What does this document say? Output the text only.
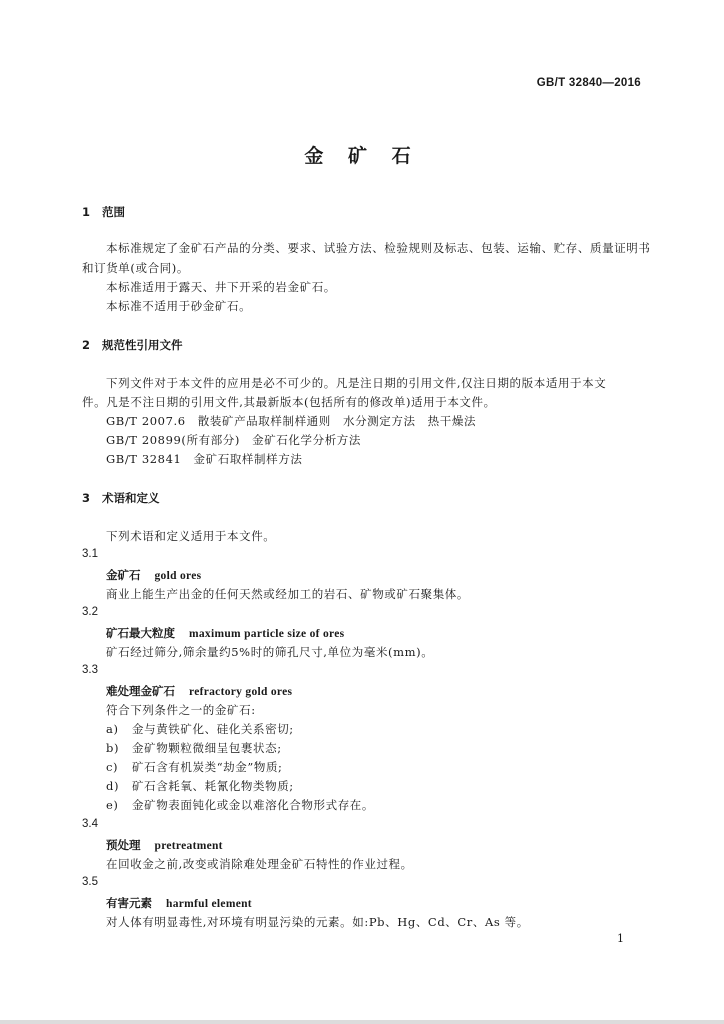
GB/T 32840—2016
金 矿 石
1 范围
本标准规定了金矿石产品的分类、要求、试验方法、检验规则及标志、包装、运输、贮存、质量证明书
和订货单(或合同)。
本标准适用于露天、井下开采的岩金矿石。
本标准不适用于砂金矿石。
2 规范性引用文件
下列文件对于本文件的应用是必不可少的。凡是注日期的引用文件,仅注日期的版本适用于本文
件。凡是不注日期的引用文件,其最新版本(包括所有的修改单)适用于本文件。
GB/T 2007.6　散装矿产品取样制样通则　水分测定方法　热干燥法
GB/T 20899(所有部分)　金矿石化学分析方法
GB/T 32841　金矿石取样制样方法
3 术语和定义
下列术语和定义适用于本文件。
3.1
金矿石 gold ores
商业上能生产出金的任何天然或经加工的岩石、矿物或矿石聚集体。
3.2
矿石最大粒度 maximum particle size of ores
矿石经过筛分,筛余量约5%时的筛孔尺寸,单位为毫米(mm)。
3.3
难处理金矿石 refractory gold ores
符合下列条件之一的金矿石:
a) 金与黄铁矿化、硅化关系密切;
b) 金矿物颗粒微细呈包裹状态;
c) 矿石含有机炭类“劫金”物质;
d) 矿石含耗氧、耗氰化物类物质;
e) 金矿物表面钝化或金以难溶化合物形式存在。
3.4
预处理 pretreatment
在回收金之前,改变或消除难处理金矿石特性的作业过程。
3.5
有害元素 harmful element
对人体有明显毒性,对环境有明显污染的元素。如:Pb、Hg、Cd、Cr、As 等。
1
